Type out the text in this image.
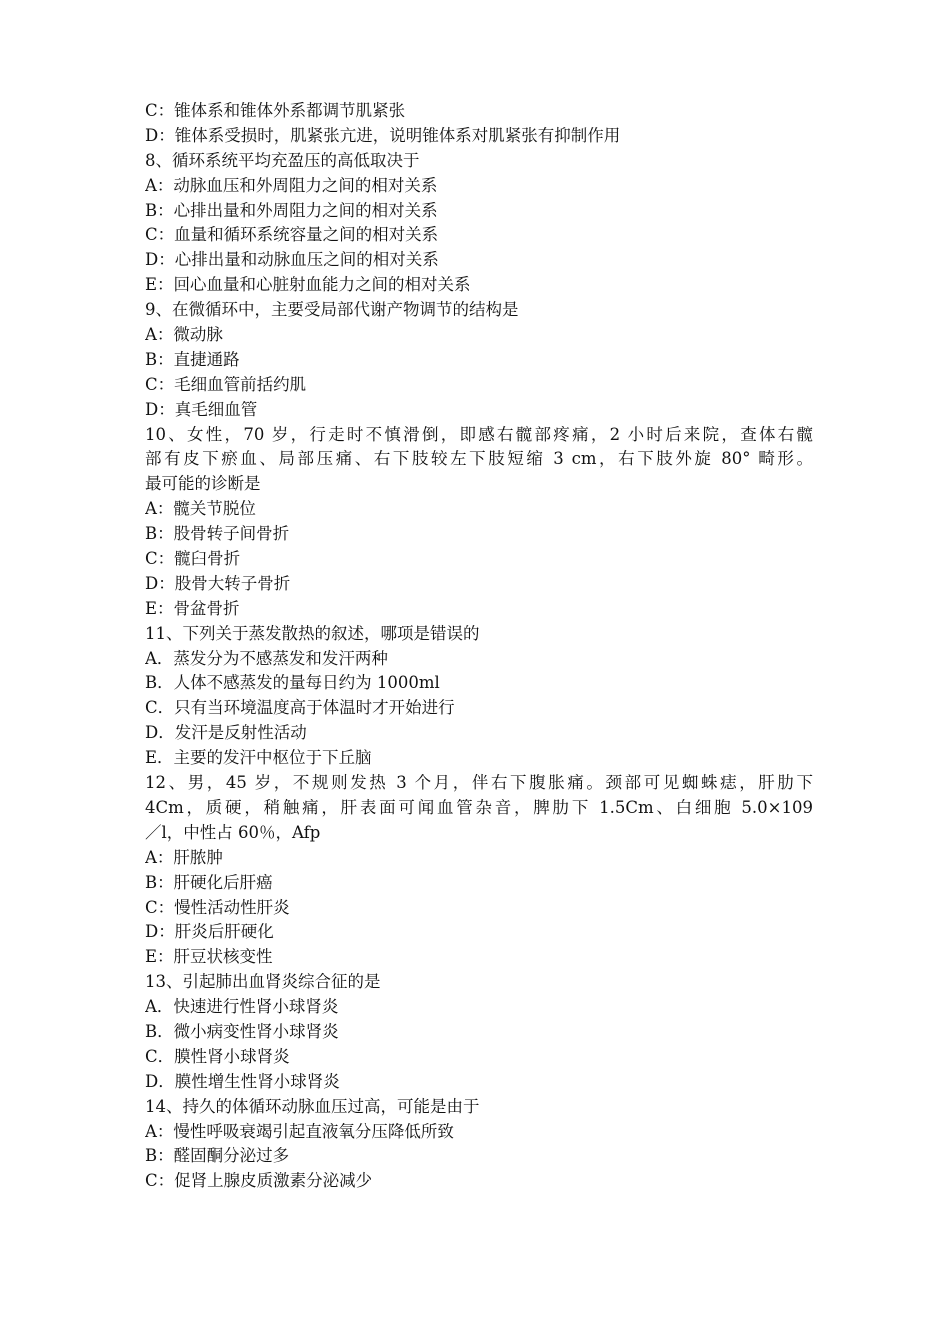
C：锥体系和锥体外系都调节肌紧张
D：锥体系受损时，肌紧张亢进，说明锥体系对肌紧张有抑制作用
8、循环系统平均充盈压的高低取决于
A：动脉血压和外周阻力之间的相对关系
B：心排出量和外周阻力之间的相对关系
C：血量和循环系统容量之间的相对关系
D：心排出量和动脉血压之间的相对关系
E：回心血量和心脏射血能力之间的相对关系
9、在微循环中，主要受局部代谢产物调节的结构是
A：微动脉
B：直捷通路
C：毛细血管前括约肌
D：真毛细血管
10、女性，70 岁，行走时不慎滑倒，即感右髋部疼痛，2 小时后来院，查体右髋
部有皮下瘀血、局部压痛、右下肢较左下肢短缩 3 cm，右下肢外旋 80° 畸形。
最可能的诊断是
A：髋关节脱位
B：股骨转子间骨折
C：髋臼骨折
D：股骨大转子骨折
E：骨盆骨折
11、下列关于蒸发散热的叙述，哪项是错误的
A．蒸发分为不感蒸发和发汗两种
B．人体不感蒸发的量每日约为 1000ml
C．只有当环境温度高于体温时才开始进行
D．发汗是反射性活动
E．主要的发汗中枢位于下丘脑
12、男，45 岁，不规则发热 3 个月，伴右下腹胀痛。颈部可见蜘蛛痣，肝肋下
4Cm，质硬，稍触痛，肝表面可闻血管杂音，脾肋下 1.5Cm、白细胞 5.0×109
／l，中性占 60％，Afp
A：肝脓肿
B：肝硬化后肝癌
C：慢性活动性肝炎
D：肝炎后肝硬化
E：肝豆状核变性
13、引起肺出血肾炎综合征的是
A．快速进行性肾小球肾炎
B．微小病变性肾小球肾炎
C．膜性肾小球肾炎
D．膜性增生性肾小球肾炎
14、持久的体循环动脉血压过高，可能是由于
A：慢性呼吸衰竭引起直液氧分压降低所致
B：醛固酮分泌过多
C：促肾上腺皮质激素分泌减少
